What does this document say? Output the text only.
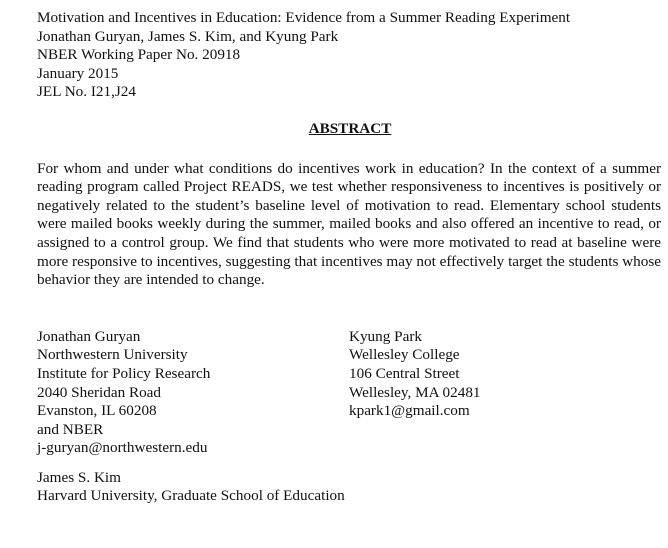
Motivation and Incentives in Education: Evidence from a Summer Reading Experiment
Jonathan Guryan, James S. Kim, and Kyung Park
NBER Working Paper No. 20918
January 2015
JEL No. I21,J24
ABSTRACT
For whom and under what conditions do incentives work in education? In the context of a summer reading program called Project READS, we test whether responsiveness to incentives is positively or negatively related to the student’s baseline level of motivation to read. Elementary school students were mailed books weekly during the summer, mailed books and also offered an incentive to read, or assigned to a control group. We find that students who were more motivated to read at baseline were more responsive to incentives, suggesting that incentives may not effectively target the students whose behavior they are intended to change.
Jonathan Guryan
Northwestern University
Institute for Policy Research
2040 Sheridan Road
Evanston, IL 60208
and NBER
j-guryan@northwestern.edu
Kyung Park
Wellesley College
106 Central Street
Wellesley, MA 02481
kpark1@gmail.com
James S. Kim
Harvard University, Graduate School of Education
